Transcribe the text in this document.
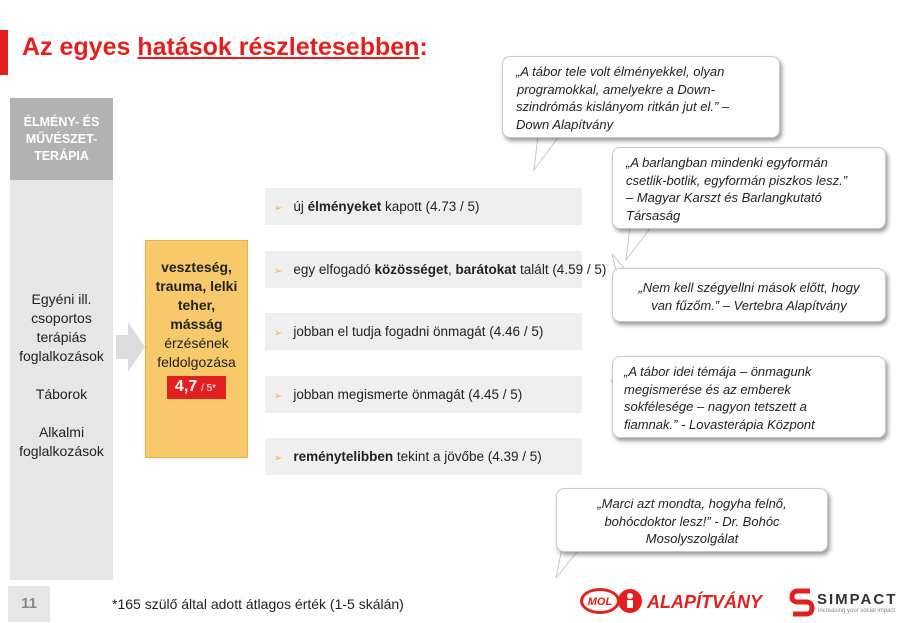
Az egyes hatások részletesebben:
ÉLMÉNY- ÉS
MŰVÉSZET-
TERÁPIA
Egyéni ill.
csoportos
terápiás
foglalkozások
Táborok
Alkalmi
foglalkozások
veszteség,
trauma, lelki
teher,
másság
érzésének
feldolgozása
4,7 / 5*
➢ új élményeket kapott (4.73 / 5)
➢ egy elfogadó közösséget, barátokat talált (4.59 / 5)
➢ jobban el tudja fogadni önmagát (4.46 / 5)
➢ jobban megismerte önmagát (4.45 / 5)
➢ reménytelibben tekint a jövőbe (4.39 / 5)
„A tábor tele volt élményekkel, olyan
programokkal, amelyekre a Down-
szindrómás kislányom ritkán jut el.” –
Down Alapítvány
„A barlangban mindenki egyformán
csetlik-botlik, egyformán piszkos lesz.”
– Magyar Karszt és Barlangkutató
Társaság
„Nem kell szégyellni mások előtt, hogy
van fűzőm.” – Vertebra Alapítvány
„A tábor idei témája – önmagunk
megismerése és az emberek
sokfélesége – nagyon tetszett a
fiamnak.” - Lovasterápia Központ
„Marci azt mondta, hogyha felnő,
bohócdoktor lesz!” - Dr. Bohóc
Mosolyszolgálat
11	*165 szülő által adott átlagos érték (1-5 skálán)	MOL ALAPÍTVÁNY	SIMPACT
increasing your social impact
